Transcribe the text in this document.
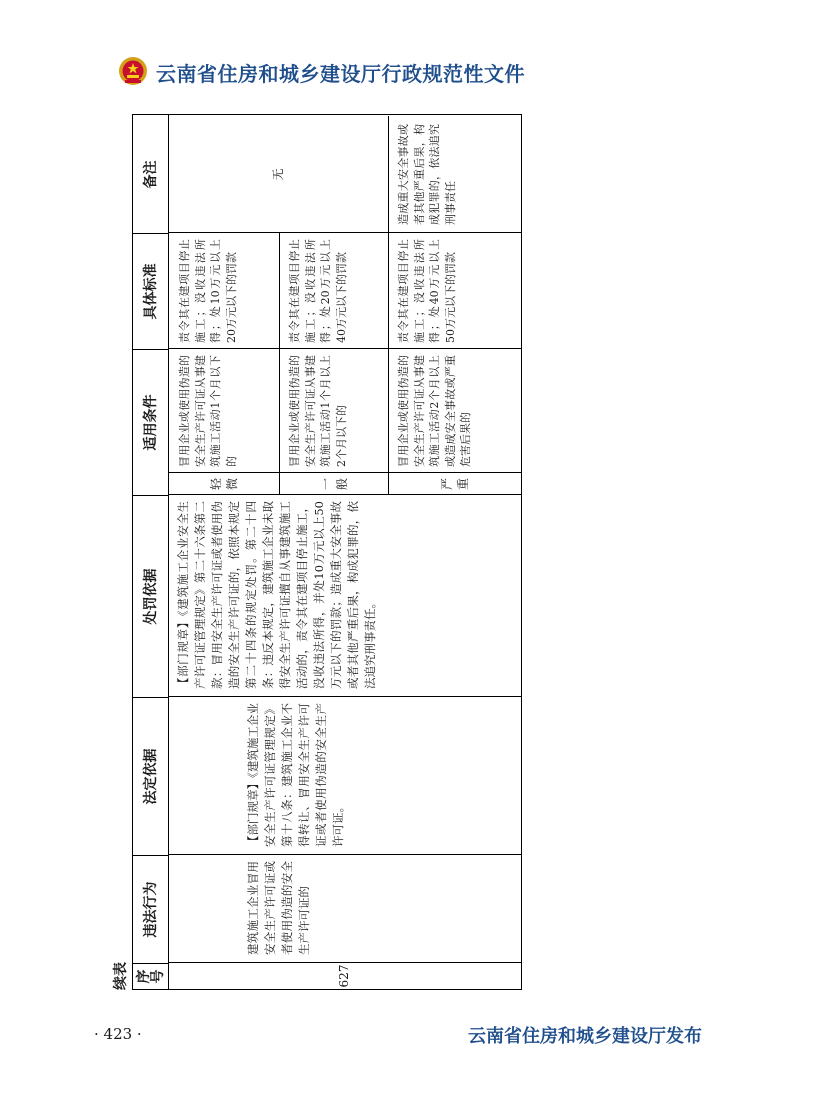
云南省住房和城乡建设厅行政规范性文件
续表 序号
违法行为
法定依据
处罚依据
适用条件
具体标准
备注
627
建筑施工企业冒用安全生产许可证或者使用伪造的安全生产许可证的
【部门规章】《建筑施工企业安全生产许可证管理规定》第十八条：建筑施工企业不得转让、冒用安全生产许可证或者使用伪造的安全生产许可证。
【部门规章】《建筑施工企业安全生产许可证管理规定》第二十六条第二款：冒用安全生产许可证或者使用伪造的安全生产许可证的，依照本规定第二十四条的规定处罚。第二十四条：违反本规定，建筑施工企业未取得安全生产许可证擅自从事建筑施工活动的，责令其在建项目停止施工，没收违法所得，并处10万元以上50万元以下的罚款；造成重大安全事故或者其他严重后果，构成犯罪的，依法追究刑事责任。
轻微
冒用企业或使用伪造的安全生产许可证从事建筑施工活动1个月以下的
责令其在建项目停止施工；没收违法所得；处10万元以上20万元以下的罚款
一般
冒用企业或使用伪造的安全生产许可证从事建筑施工活动1个月以上2个月以下的
责令其在建项目停止施工；没收违法所得；处20万元以上40万元以下的罚款
严重
冒用企业或使用伪造的安全生产许可证从事建筑施工活动2个月以上或造成安全事故或严重危害后果的
责令其在建项目停止施工；没收违法所得；处40万元以上50万元以下的罚款
无	造成重大安全事故或者其他严重后果，构成犯罪的，依法追究刑事责任
· 423 ·	云南省住房和城乡建设厅发布
